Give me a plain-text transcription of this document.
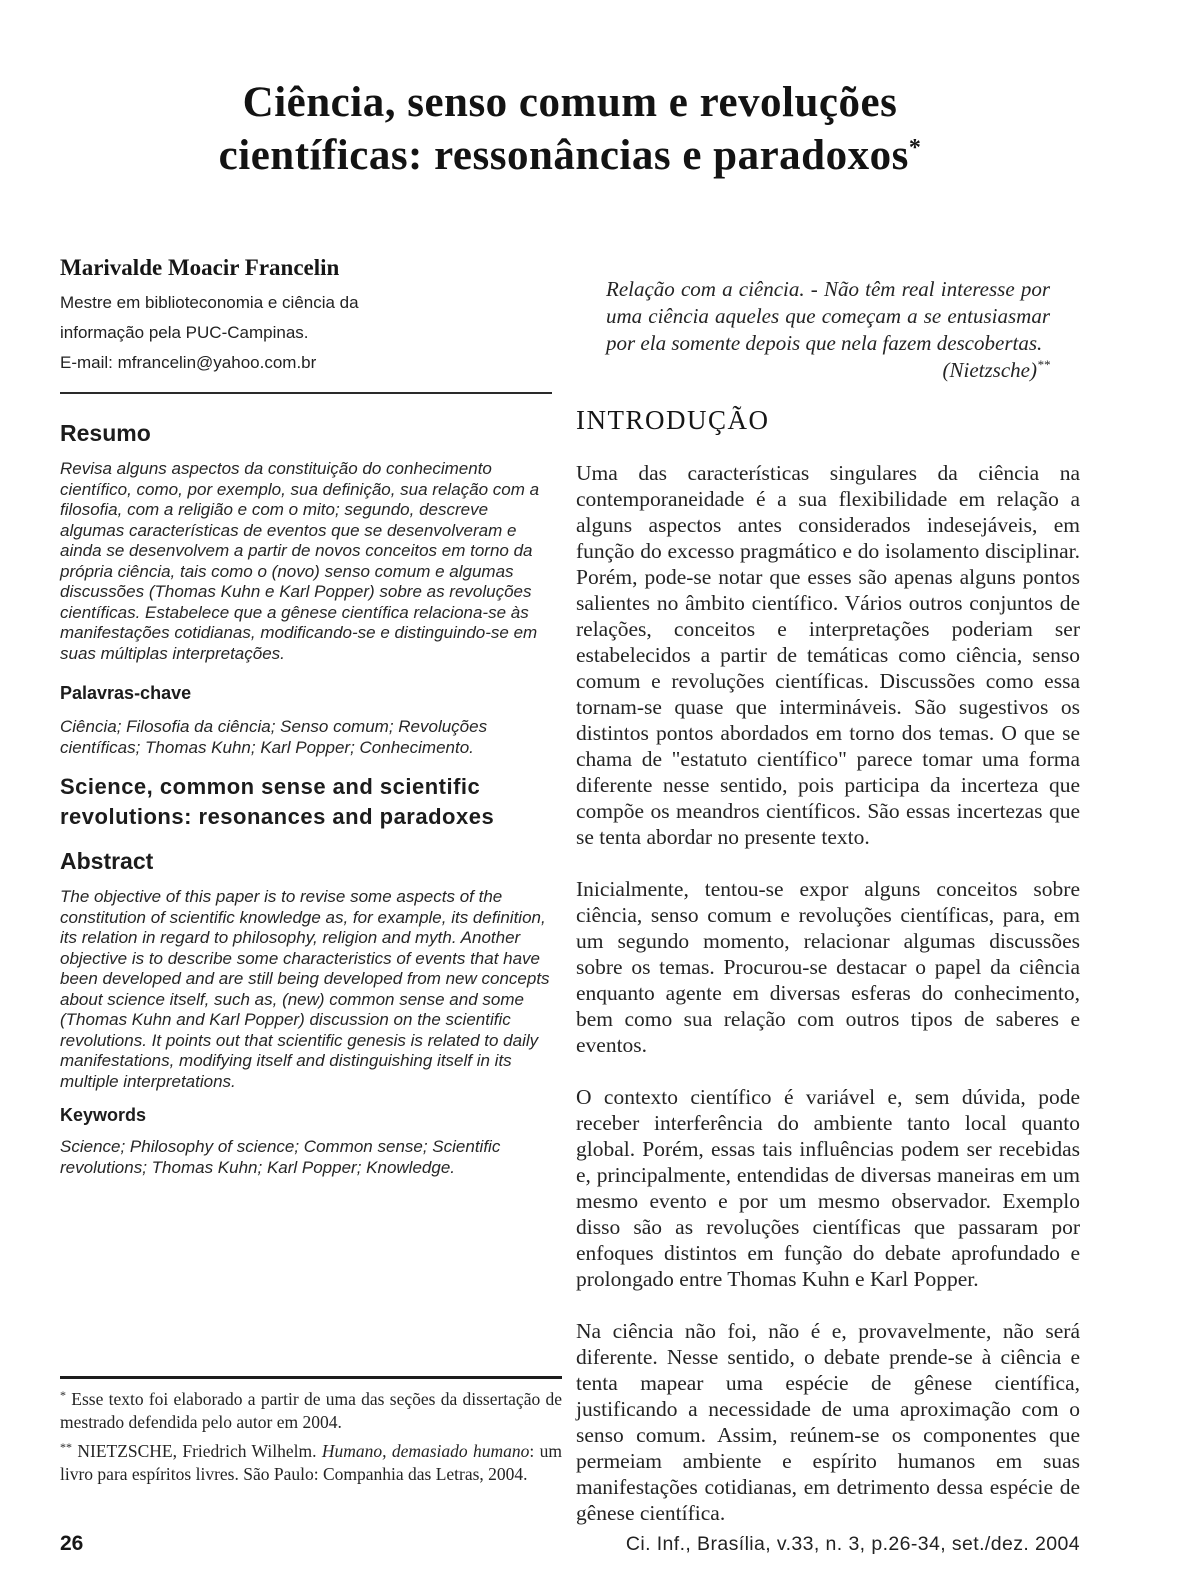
Ciência, senso comum e revoluções
científicas: ressonâncias e paradoxos*
Marivalde Moacir Francelin
Mestre em biblioteconomia e ciência da
informação pela PUC-Campinas.
E-mail: mfrancelin@yahoo.com.br
Resumo
Revisa alguns aspectos da constituição do conhecimento científico, como, por exemplo, sua definição, sua relação com a filosofia, com a religião e com o mito; segundo, descreve algumas características de eventos que se desenvolveram e ainda se desenvolvem a partir de novos conceitos em torno da própria ciência, tais como o (novo) senso comum e algumas discussões (Thomas Kuhn e Karl Popper) sobre as revoluções científicas. Estabelece que a gênese científica relaciona-se às manifestações cotidianas, modificando-se e distinguindo-se em suas múltiplas interpretações.
Palavras-chave
Ciência; Filosofia da ciência; Senso comum; Revoluções científicas; Thomas Kuhn; Karl Popper; Conhecimento.
Science, common sense and scientific revolutions: resonances and paradoxes
Abstract
The objective of this paper is to revise some aspects of the constitution of scientific knowledge as, for example, its definition, its relation in regard to philosophy, religion and myth. Another objective is to describe some characteristics of events that have been developed and are still being developed from new concepts about science itself, such as, (new) common sense and some (Thomas Kuhn and Karl Popper) discussion on the scientific revolutions. It points out that scientific genesis is related to daily manifestations, modifying itself and distinguishing itself in its multiple interpretations.
Keywords
Science; Philosophy of science; Common sense; Scientific revolutions; Thomas Kuhn; Karl Popper; Knowledge.
Relação com a ciência. - Não têm real interesse por
uma ciência aqueles que começam a se entusiasmar
por ela somente depois que nela fazem descobertas.
(Nietzsche)**
INTRODUÇÃO
Uma das características singulares da ciência na contemporaneidade é a sua flexibilidade em relação a alguns aspectos antes considerados indesejáveis, em função do excesso pragmático e do isolamento disciplinar. Porém, pode-se notar que esses são apenas alguns pontos salientes no âmbito científico. Vários outros conjuntos de relações, conceitos e interpretações poderiam ser estabelecidos a partir de temáticas como ciência, senso comum e revoluções científicas. Discussões como essa tornam-se quase que intermináveis. São sugestivos os distintos pontos abordados em torno dos temas. O que se chama de "estatuto científico" parece tomar uma forma diferente nesse sentido, pois participa da incerteza que compõe os meandros científicos. São essas incertezas que se tenta abordar no presente texto.
Inicialmente, tentou-se expor alguns conceitos sobre ciência, senso comum e revoluções científicas, para, em um segundo momento, relacionar algumas discussões sobre os temas. Procurou-se destacar o papel da ciência enquanto agente em diversas esferas do conhecimento, bem como sua relação com outros tipos de saberes e eventos.
O contexto científico é variável e, sem dúvida, pode receber interferência do ambiente tanto local quanto global. Porém, essas tais influências podem ser recebidas e, principalmente, entendidas de diversas maneiras em um mesmo evento e por um mesmo observador. Exemplo disso são as revoluções científicas que passaram por enfoques distintos em função do debate aprofundado e prolongado entre Thomas Kuhn e Karl Popper.
Na ciência não foi, não é e, provavelmente, não será diferente. Nesse sentido, o debate prende-se à ciência e tenta mapear uma espécie de gênese científica, justificando a necessidade de uma aproximação com o senso comum. Assim, reúnem-se os componentes que permeiam ambiente e espírito humanos em suas manifestações cotidianas, em detrimento dessa espécie de gênese científica.
* Esse texto foi elaborado a partir de uma das seções da dissertação de mestrado defendida pelo autor em 2004.
** NIETZSCHE, Friedrich Wilhelm. Humano, demasiado humano: um livro para espíritos livres. São Paulo: Companhia das Letras, 2004.
26	Ci. Inf., Brasília, v.33, n. 3, p.26-34, set./dez. 2004
